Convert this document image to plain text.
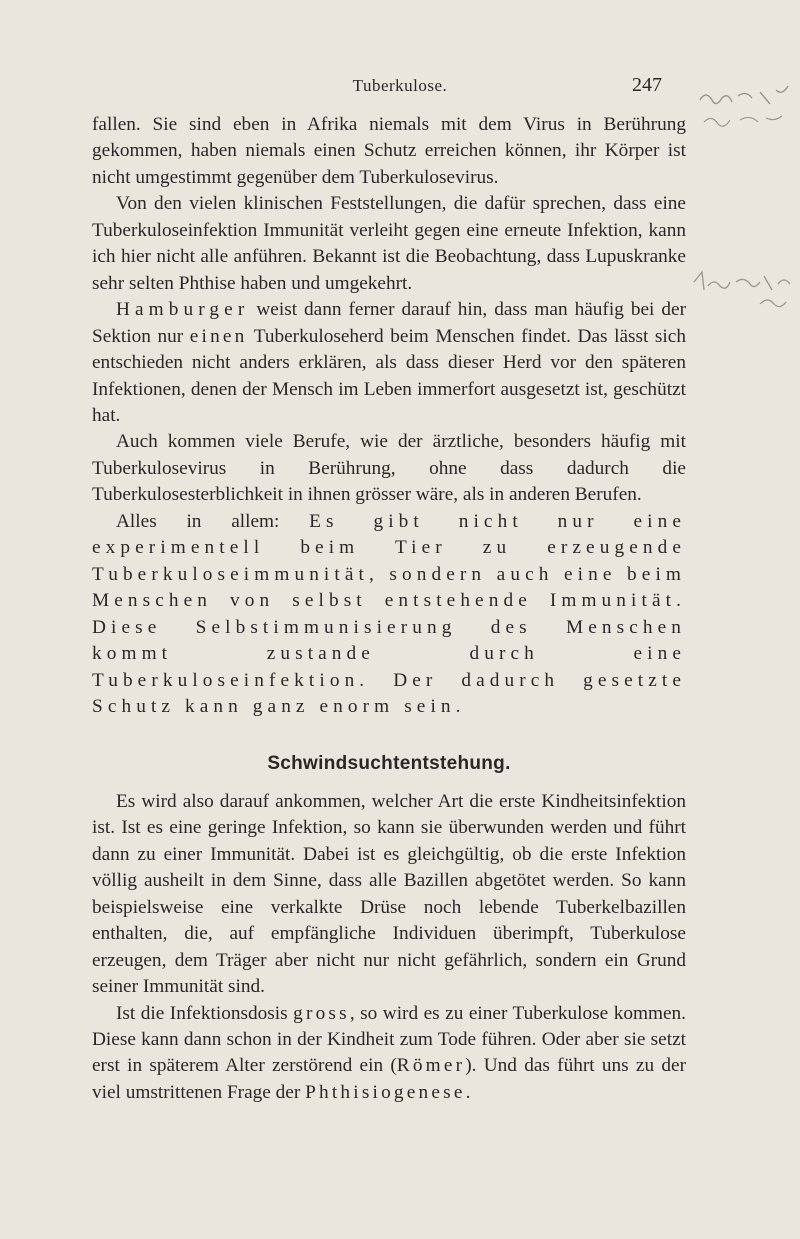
Tuberkulose.	247

fallen. Sie sind eben in Afrika niemals mit dem Virus in Berührung gekommen, haben niemals einen Schutz erreichen können, ihr Körper ist nicht umgestimmt gegenüber dem Tuberkulosevirus.

Von den vielen klinischen Feststellungen, die dafür sprechen, dass eine Tuberkuloseinfektion Immunität verleiht gegen eine erneute Infektion, kann ich hier nicht alle anführen. Bekannt ist die Beobachtung, dass Lupuskranke sehr selten Phthise haben und umgekehrt.

Hamburger weist dann ferner darauf hin, dass man häufig bei der Sektion nur einen Tuberkuloseherd beim Menschen findet. Das lässt sich entschieden nicht anders erklären, als dass dieser Herd vor den späteren Infektionen, denen der Mensch im Leben immerfort ausgesetzt ist, geschützt hat.

Auch kommen viele Berufe, wie der ärztliche, besonders häufig mit Tuberkulosevirus in Berührung, ohne dass dadurch die Tuberkulosesterblichkeit in ihnen grösser wäre, als in anderen Berufen.

Alles in allem: Es gibt nicht nur eine experimentell beim Tier zu erzeugende Tuberkuloseimmunität, sondern auch eine beim Menschen von selbst entstehende Immunität. Diese Selbstimmunisierung des Menschen kommt zustande durch eine Tuberkuloseinfektion. Der dadurch gesetzte Schutz kann ganz enorm sein.

Schwindsuchtentstehung.

Es wird also darauf ankommen, welcher Art die erste Kindheitsinfektion ist. Ist es eine geringe Infektion, so kann sie überwunden werden und führt dann zu einer Immunität. Dabei ist es gleichgültig, ob die erste Infektion völlig ausheilt in dem Sinne, dass alle Bazillen abgetötet werden. So kann beispielsweise eine verkalkte Drüse noch lebende Tuberkelbazillen enthalten, die, auf empfängliche Individuen überimpft, Tuberkulose erzeugen, dem Träger aber nicht nur nicht gefährlich, sondern ein Grund seiner Immunität sind.

Ist die Infektionsdosis gross, so wird es zu einer Tuberkulose kommen. Diese kann dann schon in der Kindheit zum Tode führen. Oder aber sie setzt erst in späterem Alter zerstörend ein (Römer). Und das führt uns zu der viel umstrittenen Frage der Phthisiogenese.
